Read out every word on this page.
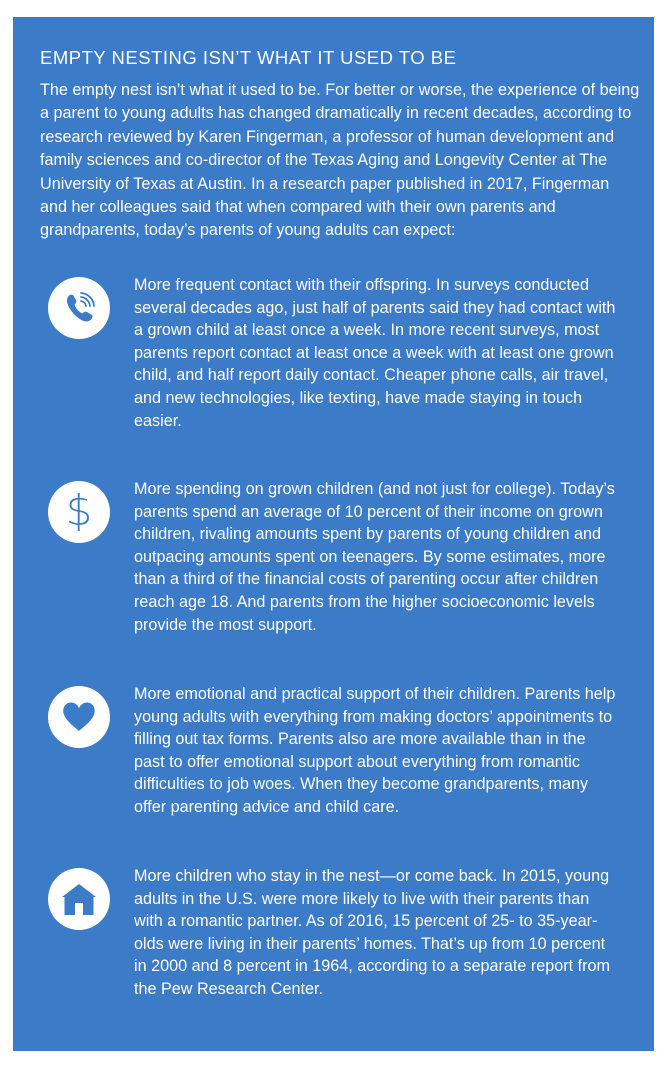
EMPTY NESTING ISN’T WHAT IT USED TO BE

The empty nest isn’t what it used to be. For better or worse, the experience of being a parent to young adults has changed dramatically in recent decades, according to research reviewed by Karen Fingerman, a professor of human development and family sciences and co-director of the Texas Aging and Longevity Center at The University of Texas at Austin. In a research paper published in 2017, Fingerman and her colleagues said that when compared with their own parents and grandparents, today’s parents of young adults can expect:

More frequent contact with their offspring. In surveys conducted several decades ago, just half of parents said they had contact with a grown child at least once a week. In more recent surveys, most parents report contact at least once a week with at least one grown child, and half report daily contact. Cheaper phone calls, air travel, and new technologies, like texting, have made staying in touch easier.

$	More spending on grown children (and not just for college). Today’s parents spend an average of 10 percent of their income on grown children, rivaling amounts spent by parents of young children and outpacing amounts spent on teenagers. By some estimates, more than a third of the financial costs of parenting occur after children reach age 18. And parents from the higher socioeconomic levels provide the most support.

More emotional and practical support of their children. Parents help young adults with everything from making doctors’ appointments to filling out tax forms. Parents also are more available than in the past to offer emotional support about everything from romantic difficulties to job woes. When they become grandparents, many offer parenting advice and child care.

More children who stay in the nest—or come back. In 2015, young adults in the U.S. were more likely to live with their parents than with a romantic partner. As of 2016, 15 percent of 25- to 35-year-olds were living in their parents’ homes. That’s up from 10 percent in 2000 and 8 percent in 1964, according to a separate report from the Pew Research Center.
